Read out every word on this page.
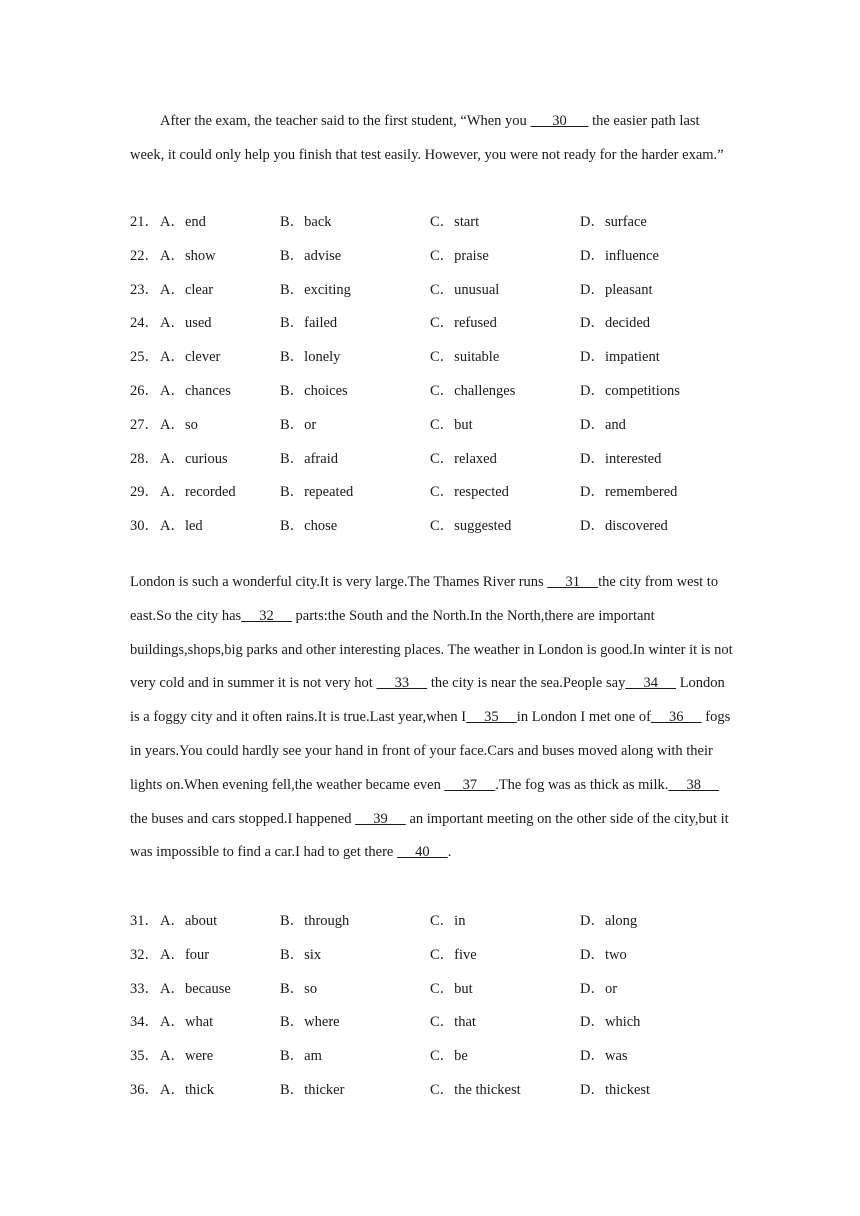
After the exam, the teacher said to the first student, “When you       30       the easier path last week, it could only help you finish that test easily. However, you were not ready for the harder exam.”

21． A．end	B．back	C．start	D．surface
22． A．show	B．advise	C．praise	D．influence
23． A．clear	B．exciting	C．unusual	D．pleasant
24． A．used	B．failed	C．refused	D．decided
25． A．clever	B．lonely	C．suitable	D．impatient
26． A．chances	B．choices	C．challenges	D．competitions
27． A．so	B．or	C．but	D．and
28． A．curious	B．afraid	C．relaxed	D．interested
29． A．recorded	B．repeated	C．respected	D．remembered
30． A．led	B．chose	C．suggested	D．discovered

London is such a wonderful city.It is very large.The Thames River runs      31     the city from west to east.So the city has     32      parts:the South and the North.In the North,there are important buildings,shops,big parks and other interesting places. The weather in London is good.In winter it is not very cold and in summer it is not very hot      33      the city is near the sea.People say     34      London is a foggy city and it often rains.It is true.Last year,when I     35     in London I met one of     36      fogs in years.You could hardly see your hand in front of your face.Cars and buses moved along with their lights on.When evening fell,the weather became even      37     .The fog was as thick as milk.     38      the buses and cars stopped.I happened      39      an important meeting on the other side of the city,but it was impossible to find a car.I had to get there      40     .

31． A．about	B．through	C．in	D．along
32． A．four	B．six	C．five	D．two
33． A．because	B．so	C．but	D．or
34． A．what	B．where	C．that	D．which
35． A．were	B．am	C．be	D．was
36． A．thick	B．thicker	C．the thickest	D．thickest
